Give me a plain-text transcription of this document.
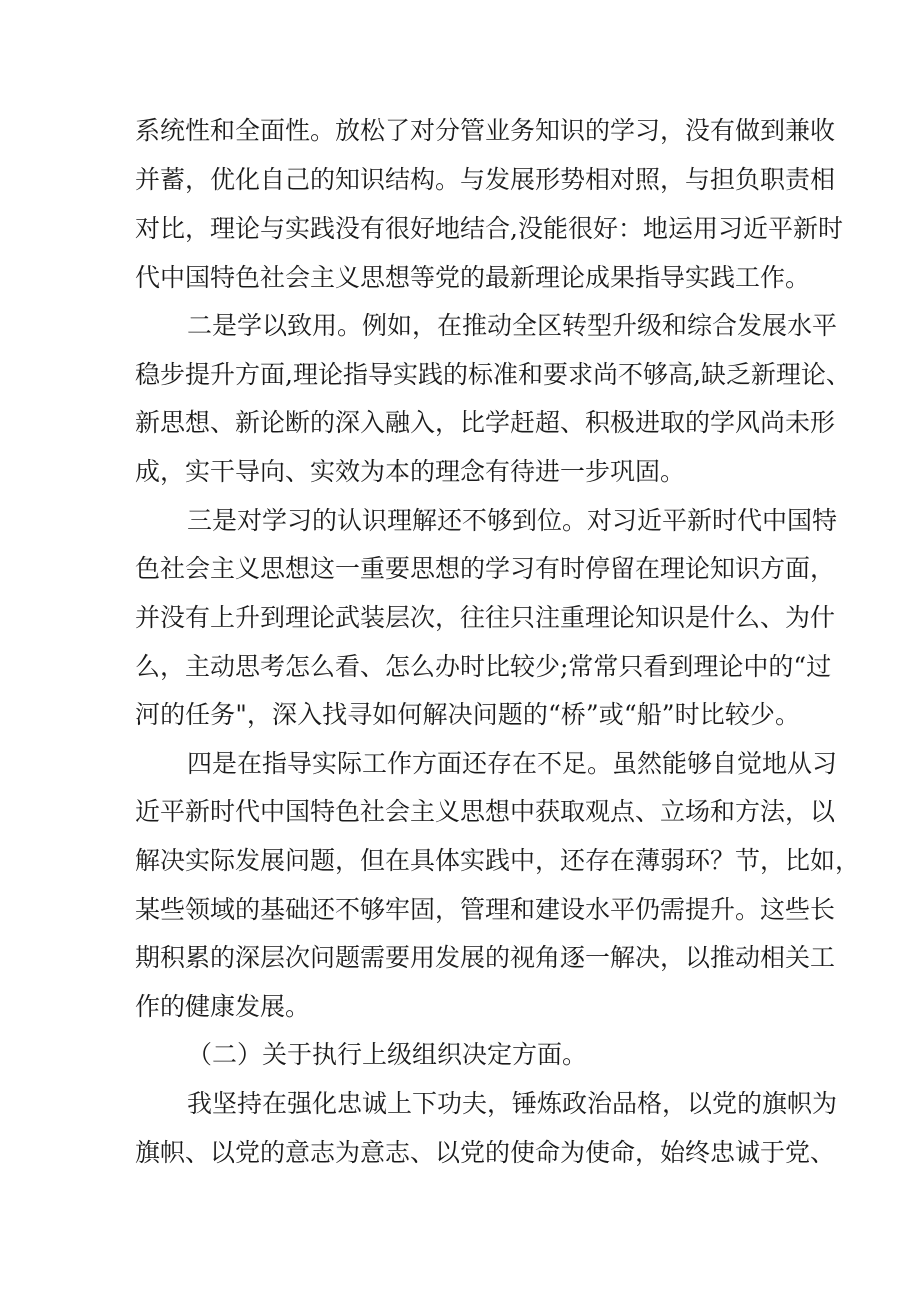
系统性和全面性。放松了对分管业务知识的学习，没有做到兼收
并蓄，优化自己的知识结构。与发展形势相对照，与担负职责相
对比，理论与实践没有很好地结合,没能很好：地运用习近平新时
代中国特色社会主义思想等党的最新理论成果指导实践工作。
二是学以致用。例如，在推动全区转型升级和综合发展水平
稳步提升方面,理论指导实践的标准和要求尚不够高,缺乏新理论、
新思想、新论断的深入融入，比学赶超、积极进取的学风尚未形
成，实干导向、实效为本的理念有待进一步巩固。
三是对学习的认识理解还不够到位。对习近平新时代中国特
色社会主义思想这一重要思想的学习有时停留在理论知识方面，
并没有上升到理论武装层次，往往只注重理论知识是什么、为什
么，主动思考怎么看、怎么办时比较少;常常只看到理论中的“过
河的任务"，深入找寻如何解决问题的“桥”或“船”时比较少。
四是在指导实际工作方面还存在不足。虽然能够自觉地从习
近平新时代中国特色社会主义思想中获取观点、立场和方法，以
解决实际发展问题，但在具体实践中，还存在薄弱环？节，比如，
某些领域的基础还不够牢固，管理和建设水平仍需提升。这些长
期积累的深层次问题需要用发展的视角逐一解决，以推动相关工
作的健康发展。
（二）关于执行上级组织决定方面。
我坚持在强化忠诚上下功夫，锤炼政治品格，以党的旗帜为
旗帜、以党的意志为意志、以党的使命为使命，始终忠诚于党、
